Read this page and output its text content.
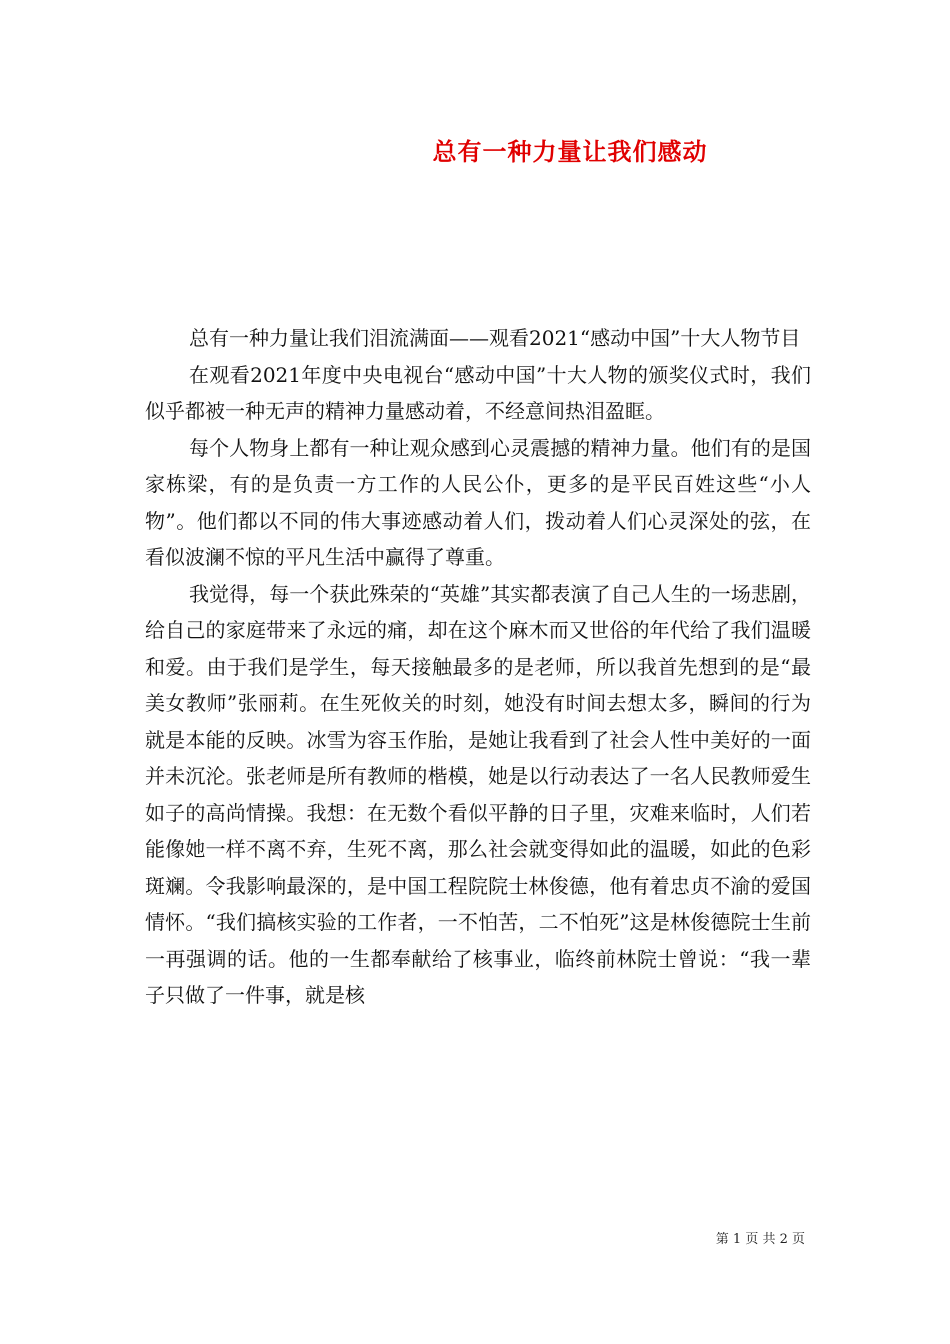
总有一种力量让我们感动

总有一种力量让我们泪流满面——观看2021“感动中国”十大人物节目

在观看2021年度中央电视台“感动中国”十大人物的颁奖仪式时，我们似乎都被一种无声的精神力量感动着，不经意间热泪盈眶。

每个人物身上都有一种让观众感到心灵震撼的精神力量。他们有的是国家栋梁，有的是负责一方工作的人民公仆，更多的是平民百姓这些“小人物”。他们都以不同的伟大事迹感动着人们，拨动着人们心灵深处的弦，在看似波澜不惊的平凡生活中赢得了尊重。

我觉得，每一个获此殊荣的“英雄”其实都表演了自己人生的一场悲剧，给自己的家庭带来了永远的痛，却在这个麻木而又世俗的年代给了我们温暖和爱。由于我们是学生，每天接触最多的是老师，所以我首先想到的是“最美女教师”张丽莉。在生死攸关的时刻，她没有时间去想太多，瞬间的行为就是本能的反映。冰雪为容玉作胎，是她让我看到了社会人性中美好的一面并未沉沦。张老师是所有教师的楷模，她是以行动表达了一名人民教师爱生如子的高尚情操。我想：在无数个看似平静的日子里，灾难来临时，人们若能像她一样不离不弃，生死不离，那么社会就变得如此的温暖，如此的色彩斑斓。令我影响最深的，是中国工程院院士林俊德，他有着忠贞不渝的爱国情怀。“我们搞核实验的工作者，一不怕苦，二不怕死”这是林俊德院士生前一再强调的话。他的一生都奉献给了核事业，临终前林院士曾说：“我一辈子只做了一件事，就是核

第 1 页 共 2 页
